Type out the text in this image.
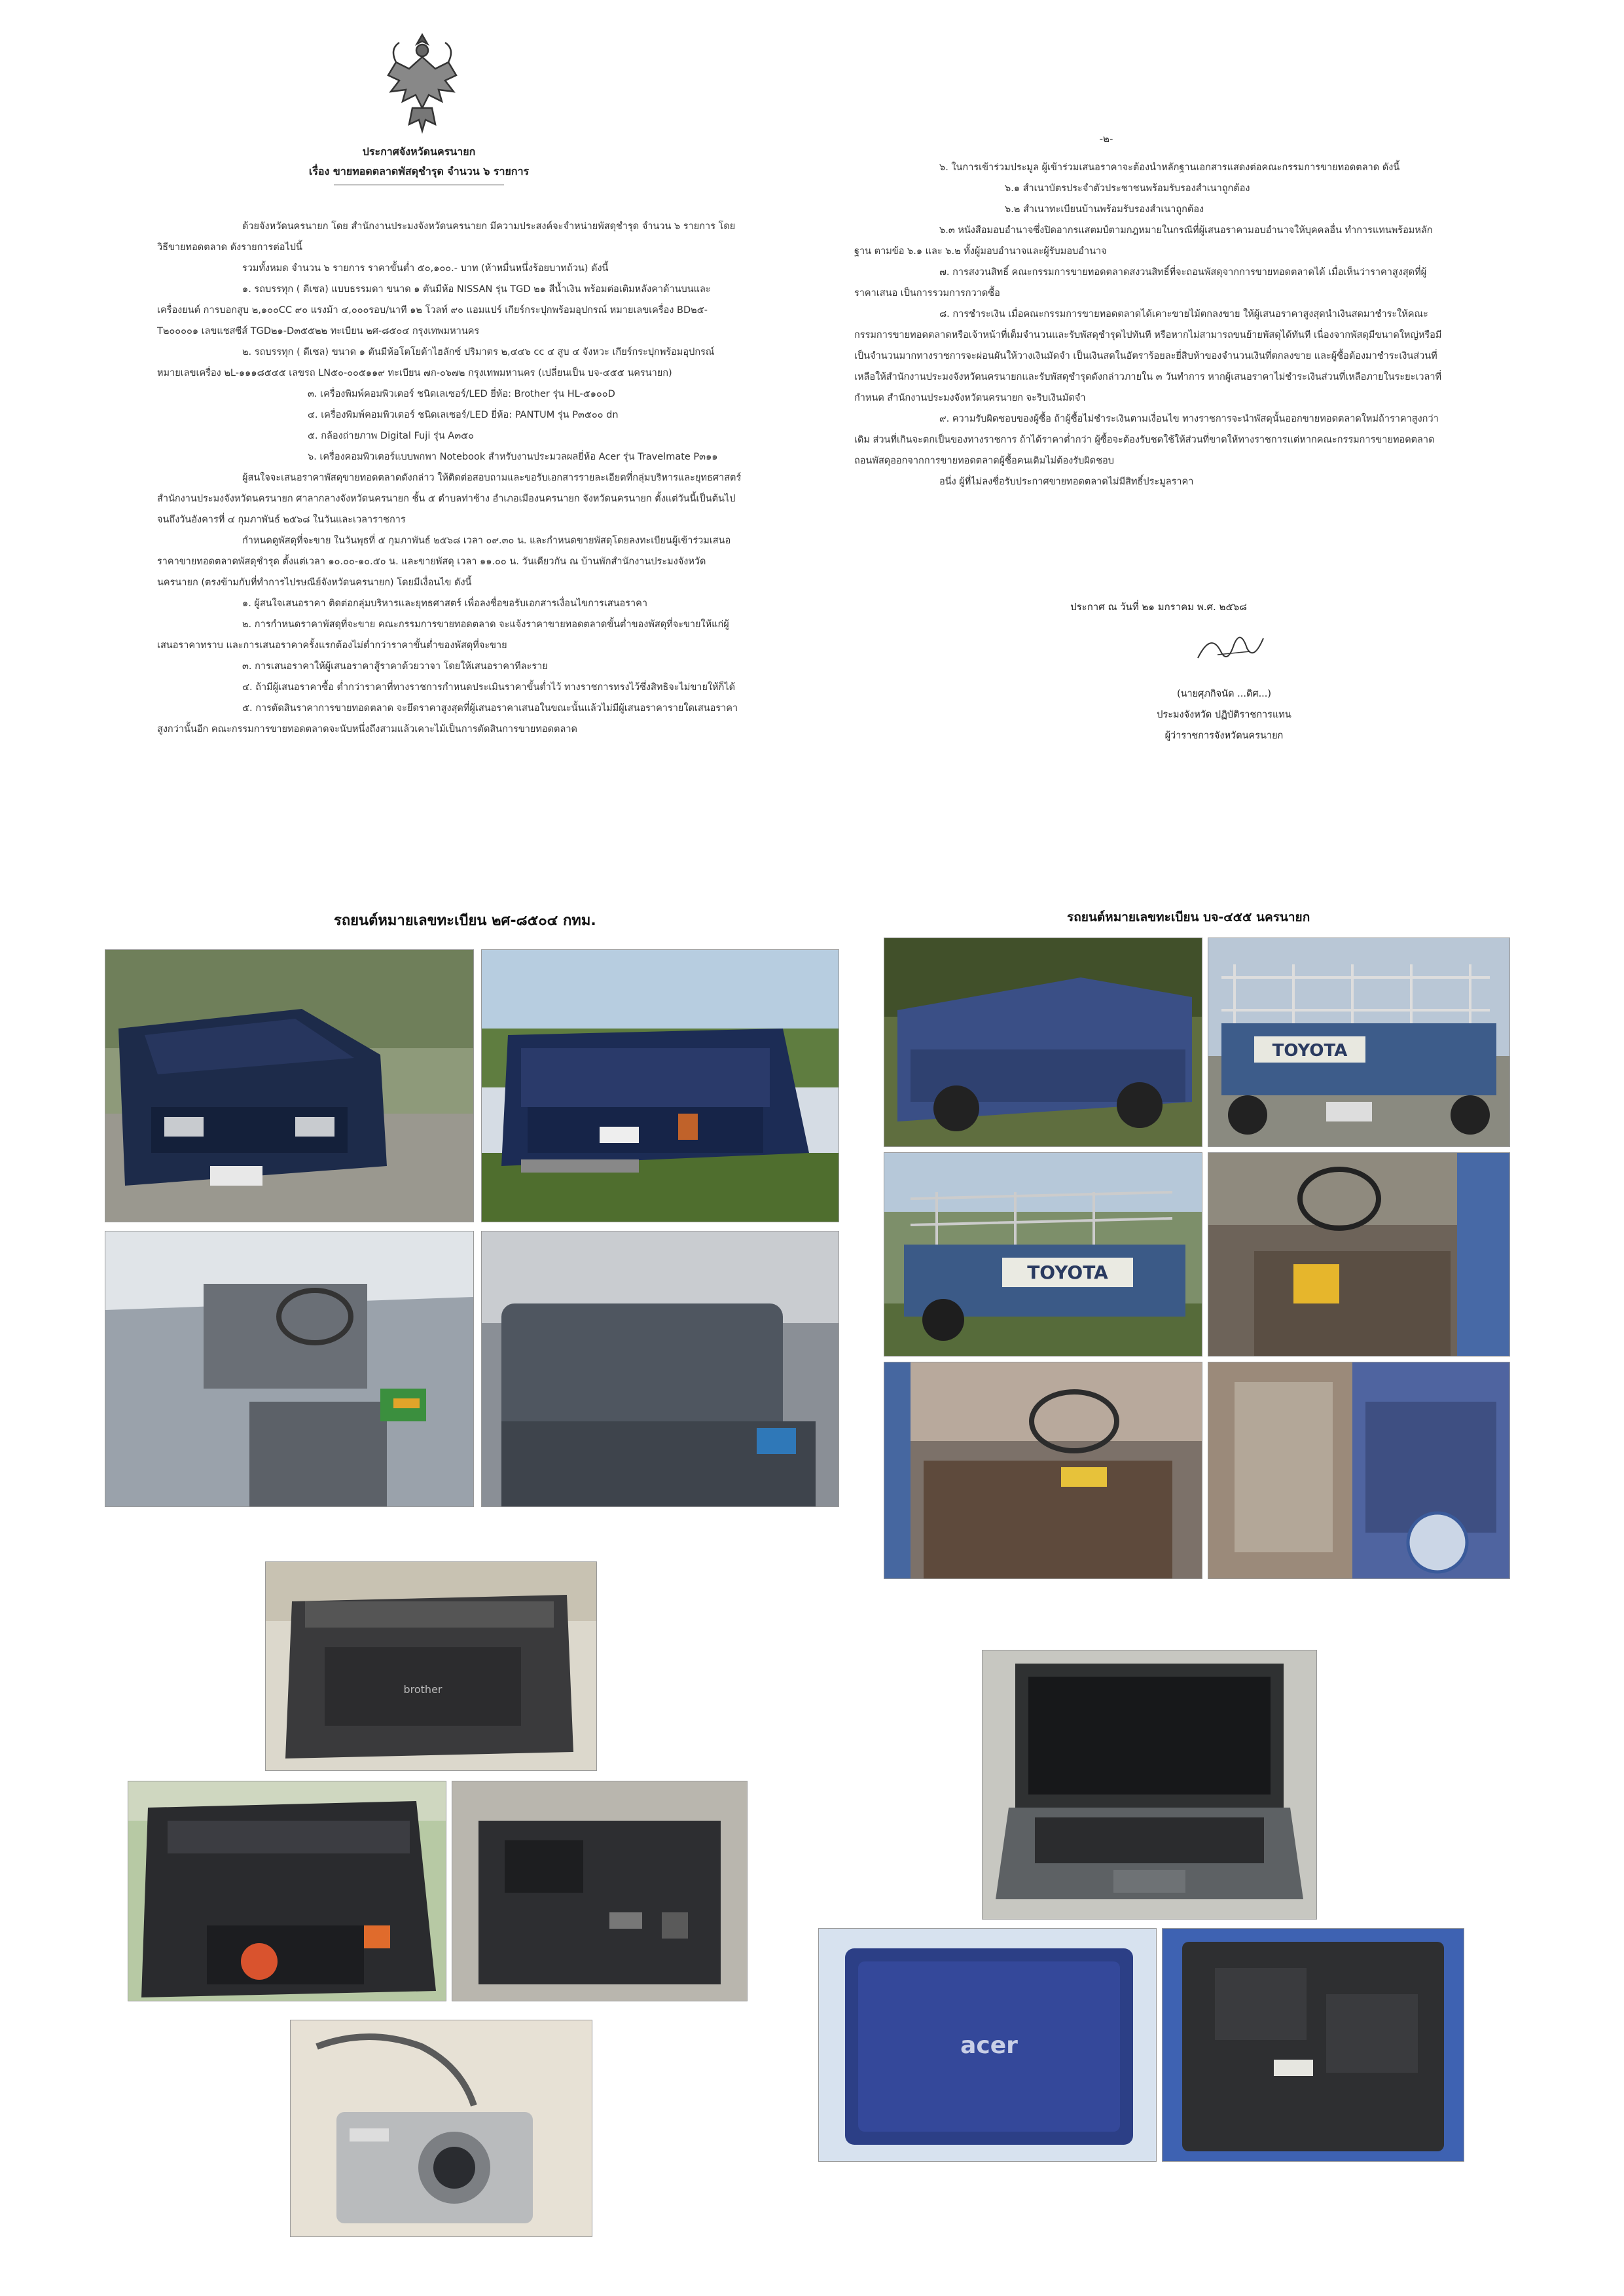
ประกาศจังหวัดนครนายก
เรื่อง ขายทอดตลาดพัสดุชำรุด จำนวน ๖ รายการ

ด้วยจังหวัดนครนายก โดย สำนักงานประมงจังหวัดนครนายก มีความประสงค์จะจำหน่ายพัสดุชำรุด จำนวน ๖ รายการ โดยวิธีขายทอดตลาด ดังรายการต่อไปนี้

รวมทั้งหมด จำนวน ๖ รายการ ราคาขั้นต่ำ ๕๐,๑๐๐.- บาท (ห้าหมื่นหนึ่งร้อยบาทถ้วน) ดังนี้

๑. รถบรรทุก ( ดีเซล) แบบธรรมดา ขนาด ๑ ตันมีห้อ NISSAN รุ่น TGD ๒๑ สีน้ำเงิน พร้อมต่อเติมหลังคาด้านบนและเครื่องยนต์ การบอกสูบ ๒,๑๐๐CC ๙๐ แรงม้า ๔,๐๐๐รอบ/นาที ๑๒ โวลท์ ๙๐ แอมแปร์ เกียร์กระปุกพร้อมอุปกรณ์ หมายเลขเครื่อง BD๒๕-T๒๐๐๐๐๑ เลขแชสซีส์ TGD๒๑-D๓๕๕๒๒ ทะเบียน ๒ศ-๘๕๐๔ กรุงเทพมหานคร

๒. รถบรรทุก ( ดีเซล) ขนาด ๑ ตันมีห้อโตโยต้าไฮลักซ์ ปริมาตร ๒,๔๔๖ cc ๔ สูบ ๔ จังหวะ เกียร์กระปุกพร้อมอุปกรณ์ หมายเลขเครื่อง ๒L-๑๑๑๘๕๔๕ เลขรถ LN๕๐-๐๐๕๑๑๙ ทะเบียน ๗ก-๐๖๗๒ กรุงเทพมหานคร (เปลี่ยนเป็น บจ-๔๕๕ นครนายก)

๓. เครื่องพิมพ์คอมพิวเตอร์ ชนิดเลเซอร์/LED ยี่ห้อ: Brother รุ่น HL-๕๑๐๐D

๔. เครื่องพิมพ์คอมพิวเตอร์ ชนิดเลเซอร์/LED ยี่ห้อ: PANTUM รุ่น P๓๕๐๐ dn

๕. กล้องถ่ายภาพ Digital Fuji รุ่น A๓๕๐

๖. เครื่องคอมพิวเตอร์แบบพกพา Notebook สำหรับงานประมวลผลยี่ห้อ Acer รุ่น Travelmate P๓๑๑

ผู้สนใจจะเสนอราคาพัสดุขายทอดตลาดดังกล่าว ให้ติดต่อสอบถามและขอรับเอกสารรายละเอียดที่กลุ่มบริหารและยุทธศาสตร์ สำนักงานประมงจังหวัดนครนายก ศาลากลางจังหวัดนครนายก ชั้น ๕ ตำบลท่าช้าง อำเภอเมืองนครนายก จังหวัดนครนายก ตั้งแต่วันนี้เป็นต้นไป จนถึงวันอังคารที่ ๔ กุมภาพันธ์ ๒๕๖๘ ในวันและเวลาราชการ

กำหนดดูพัสดุที่จะขาย ในวันพุธที่ ๕ กุมภาพันธ์ ๒๕๖๘ เวลา ๐๙.๓๐ น. และกำหนดขายพัสดุโดยลงทะเบียนผู้เข้าร่วมเสนอราคาขายทอดตลาดพัสดุชำรุด ตั้งแต่เวลา ๑๐.๐๐-๑๐.๕๐ น. และขายพัสดุ เวลา ๑๑.๐๐ น. วันเดียวกัน ณ บ้านพักสำนักงานประมงจังหวัดนครนายก (ตรงข้ามกับที่ทำการไปรษณีย์จังหวัดนครนายก) โดยมีเงื่อนไข ดังนี้

๑. ผู้สนใจเสนอราคา ติดต่อกลุ่มบริหารและยุทธศาสตร์ เพื่อลงชื่อขอรับเอกสารเงื่อนไขการเสนอราคา

๒. การกำหนดราคาพัสดุที่จะขาย คณะกรรมการขายทอดตลาด จะแจ้งราคาขายทอดตลาดขั้นต่ำของพัสดุที่จะขายให้แก่ผู้เสนอราคาทราบ และการเสนอราคาครั้งแรกต้องไม่ต่ำกว่าราคาขั้นต่ำของพัสดุที่จะขาย

๓. การเสนอราคาให้ผู้เสนอราคาสู้ราคาด้วยวาจา โดยให้เสนอราคาทีละราย

๔. ถ้ามีผู้เสนอราคาซื้อ ต่ำกว่าราคาที่ทางราชการกำหนดประเมินราคาขั้นต่ำไว้ ทางราชการทรงไว้ซึ่งสิทธิจะไม่ขายให้ก็ได้

๕. การตัดสินราคาการขายทอดตลาด จะยึดราคาสูงสุดที่ผู้เสนอราคาเสนอในขณะนั้นแล้วไม่มีผู้เสนอราคารายใดเสนอราคาสูงกว่านั้นอีก คณะกรรมการขายทอดตลาดจะนับหนึ่งถึงสามแล้วเคาะไม้เป็นการตัดสินการขายทอดตลาด

-๒-

๖. ในการเข้าร่วมประมูล ผู้เข้าร่วมเสนอราคาจะต้องนำหลักฐานเอกสารแสดงต่อคณะกรรมการขายทอดตลาด ดังนี้

๖.๑ สำเนาบัตรประจำตัวประชาชนพร้อมรับรองสำเนาถูกต้อง

๖.๒ สำเนาทะเบียนบ้านพร้อมรับรองสำเนาถูกต้อง

๖.๓ หนังสือมอบอำนาจซึ่งปิดอากรแสตมป์ตามกฎหมายในกรณีที่ผู้เสนอราคามอบอำนาจให้บุคคลอื่น ทำการแทนพร้อมหลักฐาน ตามข้อ ๖.๑ และ ๖.๒ ทั้งผู้มอบอำนาจและผู้รับมอบอำนาจ

๗. การสงวนสิทธิ์ คณะกรรมการขายทอดตลาดสงวนสิทธิ์ที่จะถอนพัสดุจากการขายทอดตลาดได้ เมื่อเห็นว่าราคาสูงสุดที่ผู้ราคาเสนอ เป็นการรวมการกวาดซื้อ

๘. การชำระเงิน เมื่อคณะกรรมการขายทอดตลาดได้เคาะขายไม้ตกลงขาย ให้ผู้เสนอราคาสูงสุดนำเงินสดมาชำระให้คณะกรรมการขายทอดตลาดหรือเจ้าหน้าที่เต็มจำนวนและรับพัสดุชำรุดไปทันที หรือหากไม่สามารถขนย้ายพัสดุได้ทันที เนื่องจากพัสดุมีขนาดใหญ่หรือมีเป็นจำนวนมากทางราชการจะผ่อนผันให้วางเงินมัดจำ เป็นเงินสดในอัตราร้อยละยี่สิบห้าของจำนวนเงินที่ตกลงขาย และผู้ซื้อต้องมาชำระเงินส่วนที่เหลือให้สำนักงานประมงจังหวัดนครนายกและรับพัสดุชำรุดดังกล่าวภายใน ๓ วันทำการ หากผู้เสนอราคาไม่ชำระเงินส่วนที่เหลือภายในระยะเวลาที่กำหนด สำนักงานประมงจังหวัดนครนายก จะริบเงินมัดจำ

๙. ความรับผิดชอบของผู้ซื้อ ถ้าผู้ซื้อไม่ชำระเงินตามเงื่อนไข ทางราชการจะนำพัสดุนั้นออกขายทอดตลาดใหม่ถ้าราคาสูงกว่าเดิม ส่วนที่เกินจะตกเป็นของทางราชการ ถ้าได้ราคาต่ำกว่า ผู้ซื้อจะต้องรับชดใช้ให้ส่วนที่ขาดให้ทางราชการแต่หากคณะกรรมการขายทอดตลาดถอนพัสดุออกจากการขายทอดตลาดผู้ซื้อคนเดิมไม่ต้องรับผิดชอบ

อนึ่ง ผู้ที่ไม่ลงชื่อรับประกาศขายทอดตลาดไม่มีสิทธิ์ประมูลราคา

ประกาศ ณ วันที่ ๒๑ มกราคม พ.ศ. ๒๕๖๘
(นายศุภกิจนัด ...ดิศ...)
ประมงจังหวัด ปฏิบัติราชการแทน
ผู้ว่าราชการจังหวัดนครนายก
รถยนต์หมายเลขทะเบียน ๒ศ-๘๕๐๔ กทม.	รถยนต์หมายเลขทะเบียน บจ-๔๕๕ นครนายก
TOYOTA
TOYOTA
brother
acer
